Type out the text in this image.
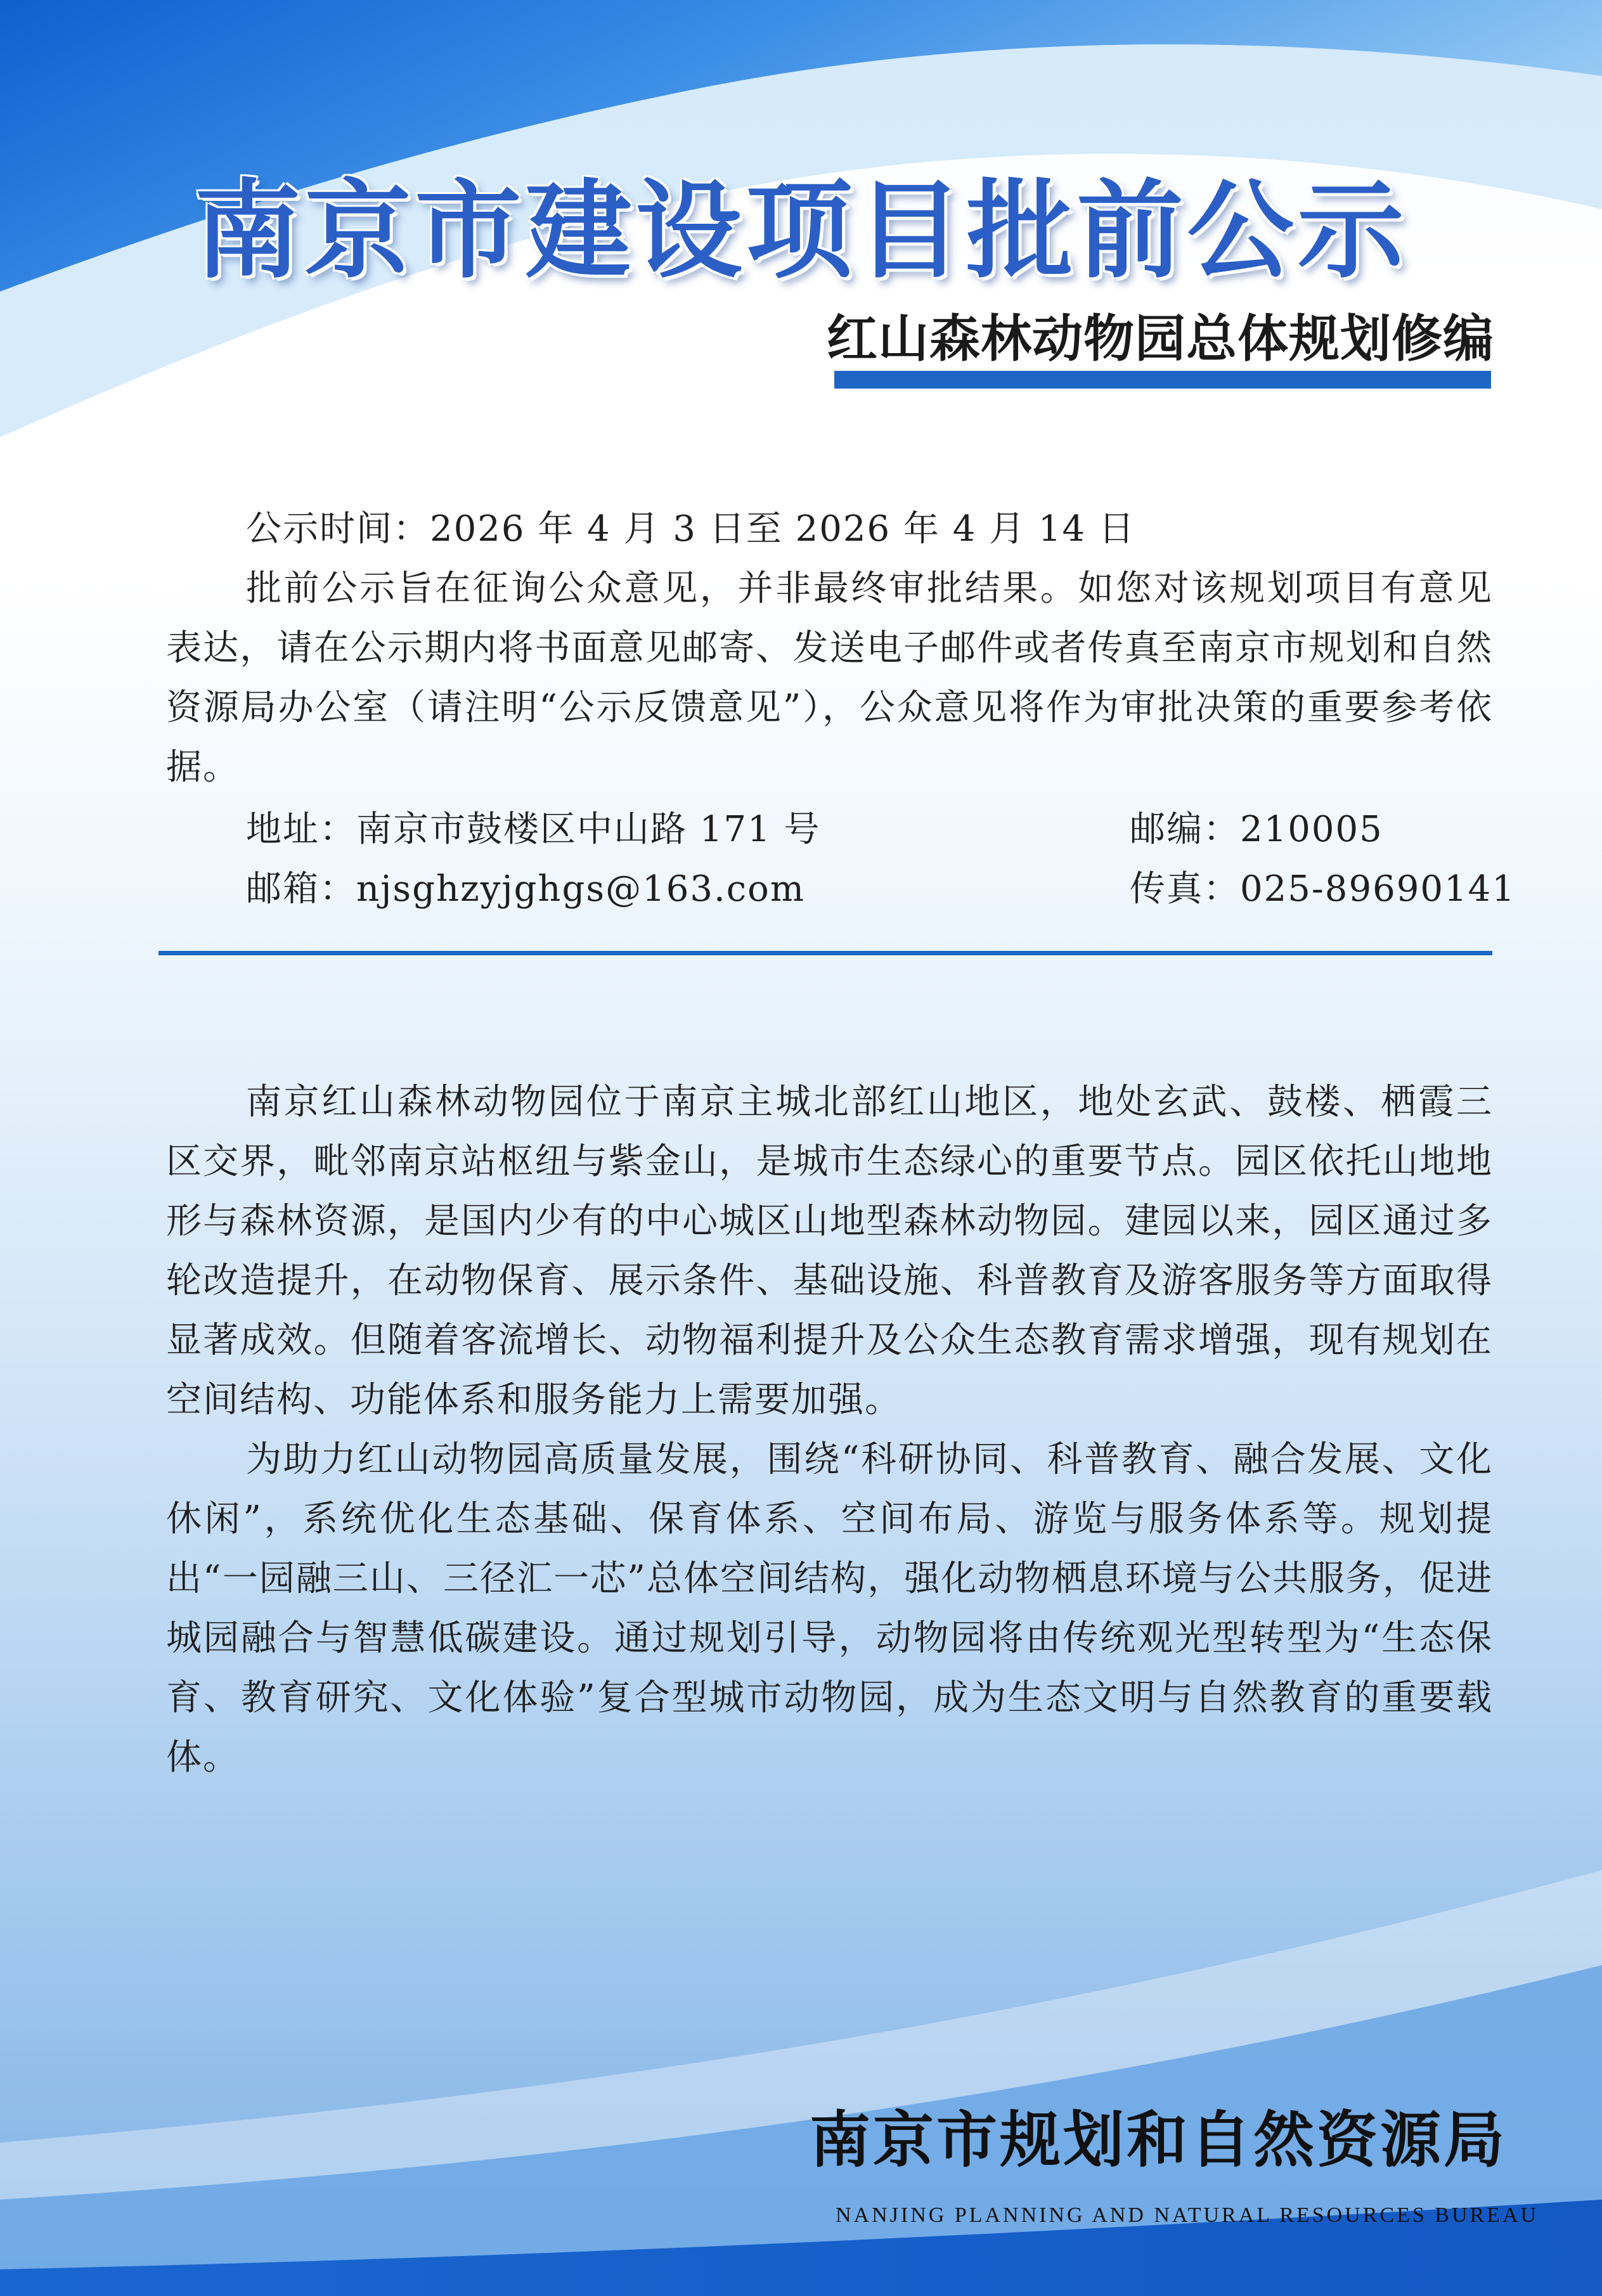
南京市建设项目批前公示
红山森林动物园总体规划修编

公示时间：2026 年 4 月 3 日至 2026 年 4 月 14 日

批前公示旨在征询公众意见，并非最终审批结果。如您对该规划项目有意见表达，请在公示期内将书面意见邮寄、发送电子邮件或者传真至南京市规划和自然资源局办公室（请注明“公示反馈意见”），公众意见将作为审批决策的重要参考依据。

地址：南京市鼓楼区中山路 171 号	邮编：210005
邮箱：njsghzyjghgs@163.com	传真：025-89690141

南京红山森林动物园位于南京主城北部红山地区，地处玄武、鼓楼、栖霞三区交界，毗邻南京站枢纽与紫金山，是城市生态绿心的重要节点。园区依托山地地形与森林资源，是国内少有的中心城区山地型森林动物园。建园以来，园区通过多轮改造提升，在动物保育、展示条件、基础设施、科普教育及游客服务等方面取得显著成效。但随着客流增长、动物福利提升及公众生态教育需求增强，现有规划在空间结构、功能体系和服务能力上需要加强。

为助力红山动物园高质量发展，围绕“科研协同、科普教育、融合发展、文化休闲”，系统优化生态基础、保育体系、空间布局、游览与服务体系等。规划提出“一园融三山、三径汇一芯”总体空间结构，强化动物栖息环境与公共服务，促进城园融合与智慧低碳建设。通过规划引导，动物园将由传统观光型转型为“生态保育、教育研究、文化体验”复合型城市动物园，成为生态文明与自然教育的重要载体。

南京市规划和自然资源局
NANJING PLANNING AND NATURAL RESOURCES BUREAU
